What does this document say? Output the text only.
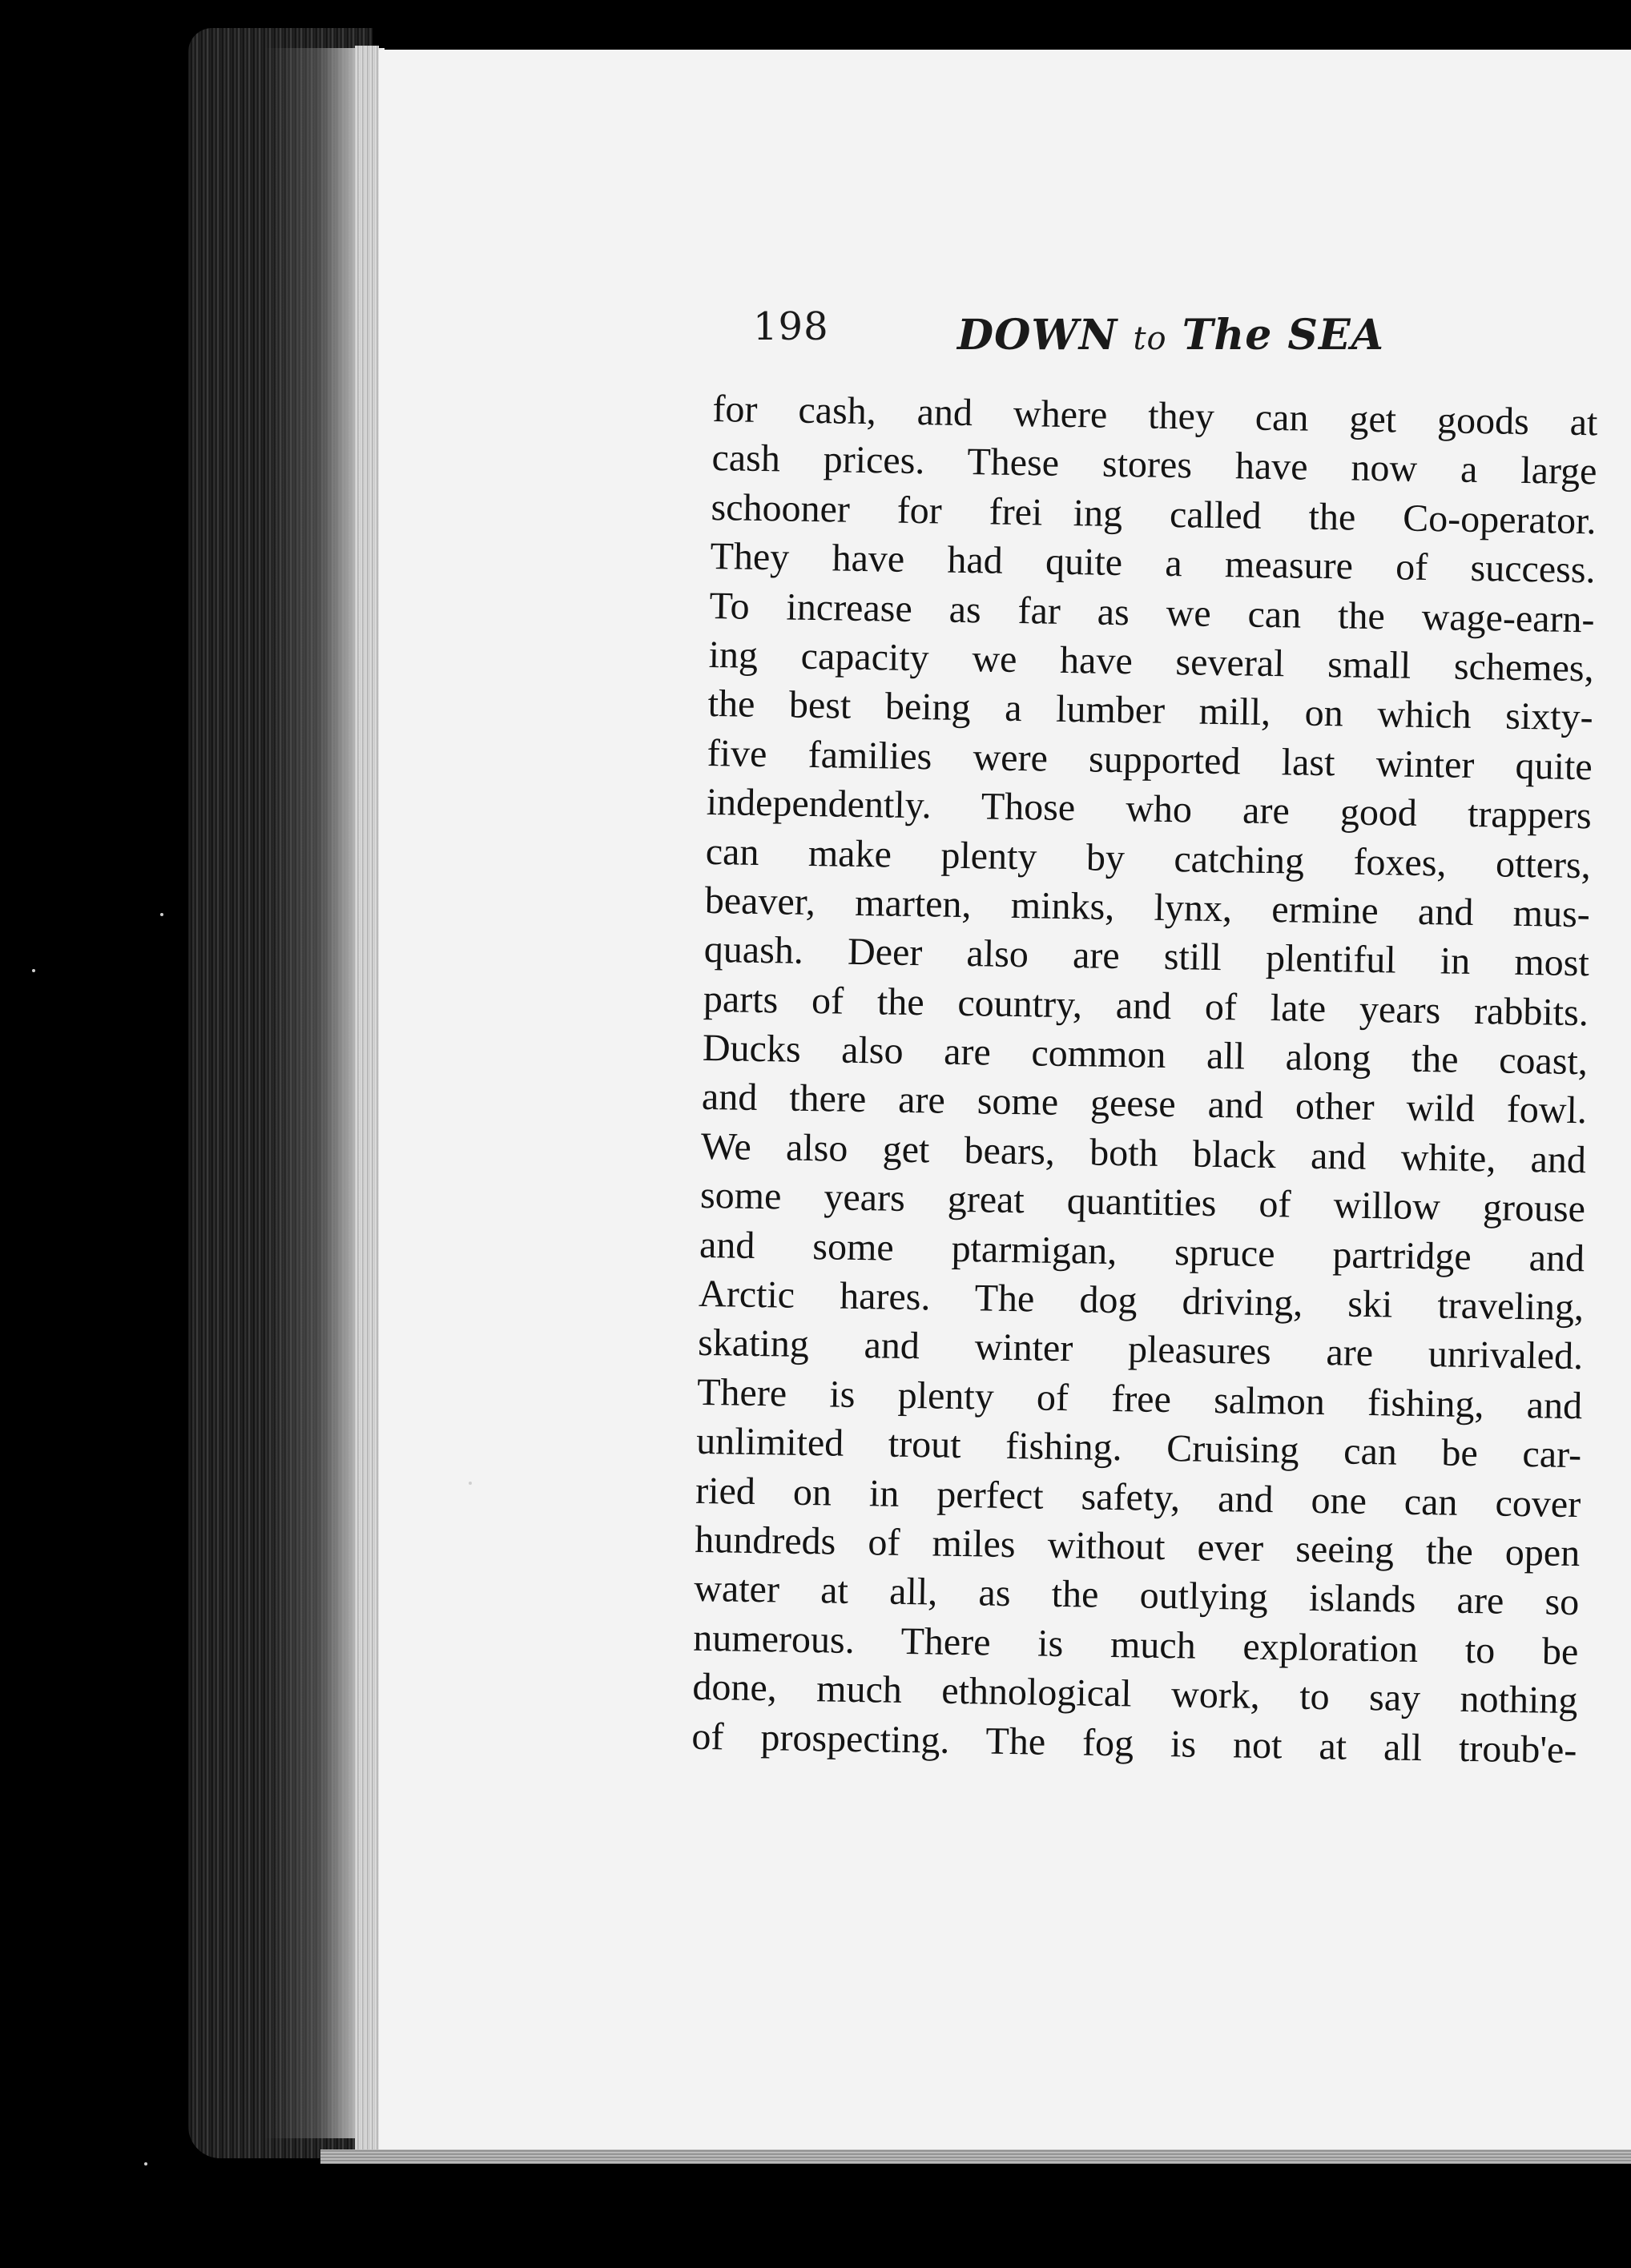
198	DOWN to The SEA
for cash, and where they can get goods at
cash prices. These stores have now a large
schooner for frei    ing called the Co-operator.
They have had quite a measure of success.
To increase as far as we can the wage-earn-
ing capacity we have several small schemes,
the best being a lumber mill, on which sixty-
five families were supported last winter quite
independently. Those who are good trappers
can make plenty by catching foxes, otters,
beaver, marten, minks, lynx, ermine and mus-
quash. Deer also are still plentiful in most
parts of the country, and of late years rabbits.
Ducks also are common all along the coast,
and there are some geese and other wild fowl.
We also get bears, both black and white, and
some years great quantities of willow grouse
and some ptarmigan, spruce partridge and
Arctic hares. The dog driving, ski traveling,
skating and winter pleasures are unrivaled.
There is plenty of free salmon fishing, and
unlimited trout fishing. Cruising can be car-
ried on in perfect safety, and one can cover
hundreds of miles without ever seeing the open
water at all, as the outlying islands are so
numerous. There is much exploration to be
done, much ethnological work, to say nothing
of prospecting. The fog is not at all troub'e-
